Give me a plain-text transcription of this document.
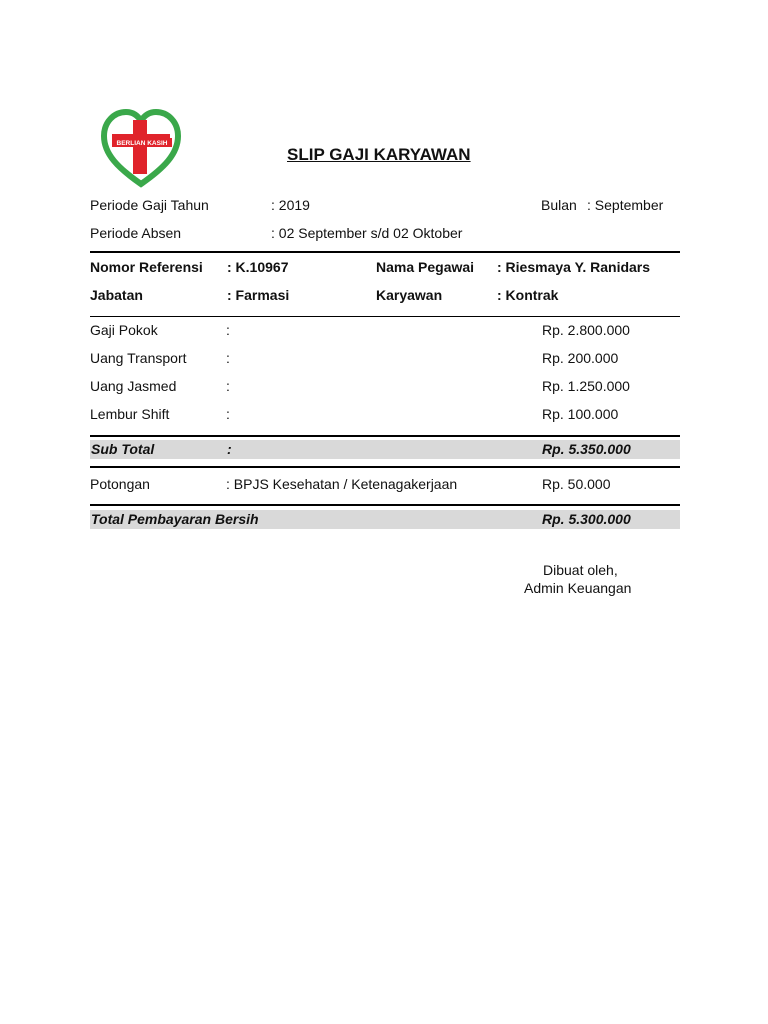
BERLIAN KASIH
SLIP GAJI KARYAWAN
Periode Gaji Tahun	: 2019	Bulan : September
Periode Absen	: 02 September s/d 02 Oktober
Nomor Referensi : K.10967	Nama Pegawai : Riesmaya Y. Ranidars
Jabatan	: Farmasi	Karyawan	: Kontrak
Gaji Pokok	:	Rp. 2.800.000
Uang Transport	:	Rp. 200.000
Uang Jasmed	:	Rp. 1.250.000
Lembur Shift	:	Rp. 100.000
Sub Total	:	Rp. 5.350.000
Potongan	: BPJS Kesehatan / Ketenagakerjaan	Rp. 50.000
Total Pembayaran Bersih	Rp. 5.300.000
Dibuat oleh,
Admin Keuangan
